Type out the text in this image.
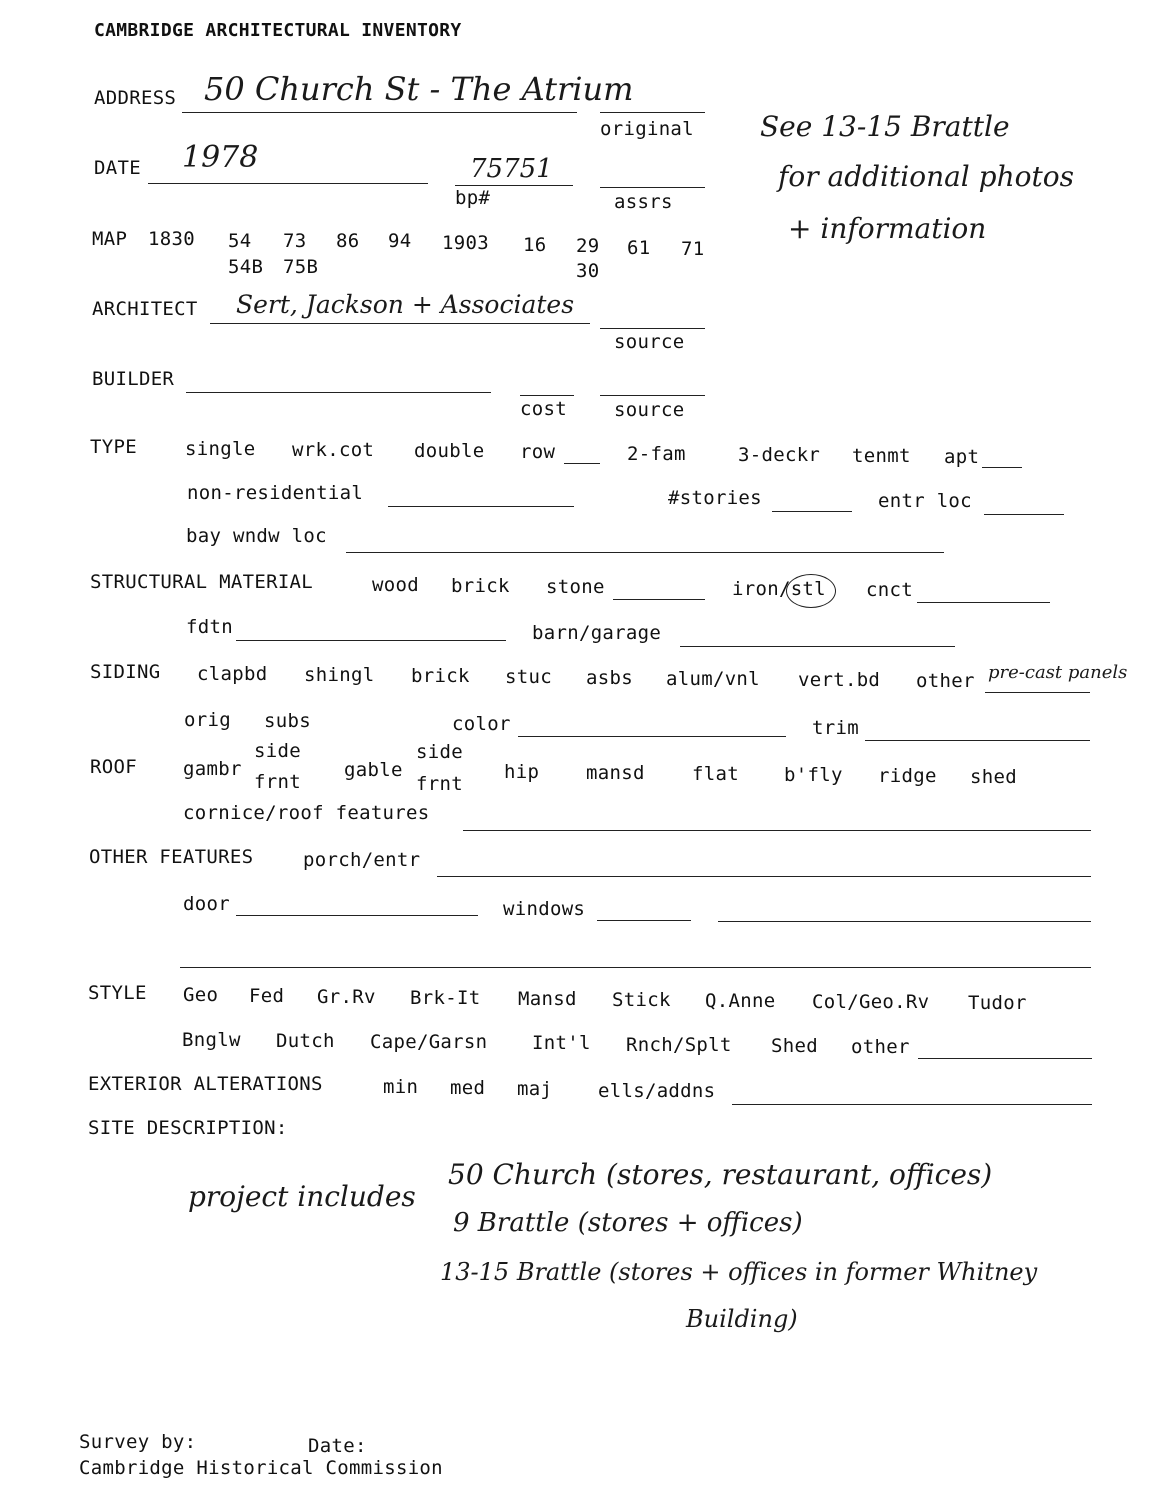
CAMBRIDGE ARCHITECTURAL INVENTORY
ADDRESS 50 Church St - The Atrium
original See 13-15 Brattle
for additional photos
+ information
DATE 1978	75751
bp#	assrs
MAP 1830 54 73 86 94 1903 16 29 61 71
54B 75B	30
ARCHITECT Sert, Jackson + Associates
source
BUILDER
cost source
TYPE	single wrk.cot double row	2-fam	3-deckr tenmt apt
non-residential	#stories	entr loc
bay wndw loc
STRUCTURAL MATERIAL	wood brick stone	iron/stl cnct
fdtn	barn/garage
SIDING clapbd shingl brick stuc asbs alum/vnl vert.bd other pre-cast panels
orig subs	color	trim
ROOF gambr
side
frnt
gable
side
frnt
hip mansd flat b'fly ridge shed
cornice/roof features
OTHER FEATURES	porch/entr
door	windows
STYLE Geo Fed Gr.Rv Brk-It Mansd Stick Q.Anne Col/Geo.Rv Tudor
Bnglw Dutch Cape/Garsn Int'l Rnch/Splt Shed other
EXTERIOR ALTERATIONS	min med maj ells/addns
SITE DESCRIPTION:
project includes
50 Church (stores, restaurant, offices)
9 Brattle (stores + offices)
13-15 Brattle (stores + offices in former Whitney
Building)
Survey by:	Date:
Cambridge Historical Commission
